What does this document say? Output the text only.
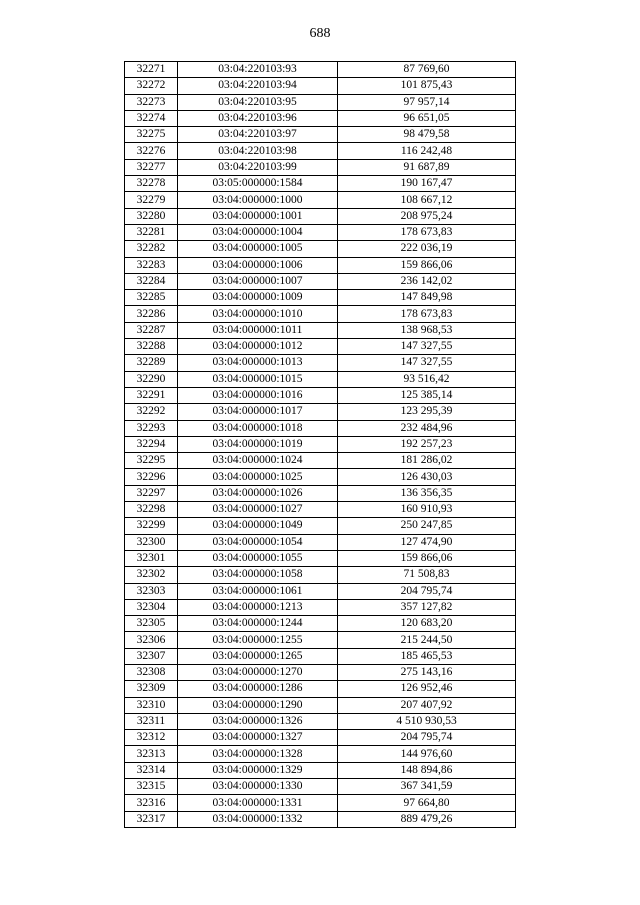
688
32271	03:04:220103:93	87 769,60
32272	03:04:220103:94	101 875,43
32273	03:04:220103:95	97 957,14
32274	03:04:220103:96	96 651,05
32275	03:04:220103:97	98 479,58
32276	03:04:220103:98	116 242,48
32277	03:04:220103:99	91 687,89
32278	03:05:000000:1584	190 167,47
32279	03:04:000000:1000	108 667,12
32280	03:04:000000:1001	208 975,24
32281	03:04:000000:1004	178 673,83
32282	03:04:000000:1005	222 036,19
32283	03:04:000000:1006	159 866,06
32284	03:04:000000:1007	236 142,02
32285	03:04:000000:1009	147 849,98
32286	03:04:000000:1010	178 673,83
32287	03:04:000000:1011	138 968,53
32288	03:04:000000:1012	147 327,55
32289	03:04:000000:1013	147 327,55
32290	03:04:000000:1015	93 516,42
32291	03:04:000000:1016	125 385,14
32292	03:04:000000:1017	123 295,39
32293	03:04:000000:1018	232 484,96
32294	03:04:000000:1019	192 257,23
32295	03:04:000000:1024	181 286,02
32296	03:04:000000:1025	126 430,03
32297	03:04:000000:1026	136 356,35
32298	03:04:000000:1027	160 910,93
32299	03:04:000000:1049	250 247,85
32300	03:04:000000:1054	127 474,90
32301	03:04:000000:1055	159 866,06
32302	03:04:000000:1058	71 508,83
32303	03:04:000000:1061	204 795,74
32304	03:04:000000:1213	357 127,82
32305	03:04:000000:1244	120 683,20
32306	03:04:000000:1255	215 244,50
32307	03:04:000000:1265	185 465,53
32308	03:04:000000:1270	275 143,16
32309	03:04:000000:1286	126 952,46
32310	03:04:000000:1290	207 407,92
32311	03:04:000000:1326	4 510 930,53
32312	03:04:000000:1327	204 795,74
32313	03:04:000000:1328	144 976,60
32314	03:04:000000:1329	148 894,86
32315	03:04:000000:1330	367 341,59
32316	03:04:000000:1331	97 664,80
32317	03:04:000000:1332	889 479,26
